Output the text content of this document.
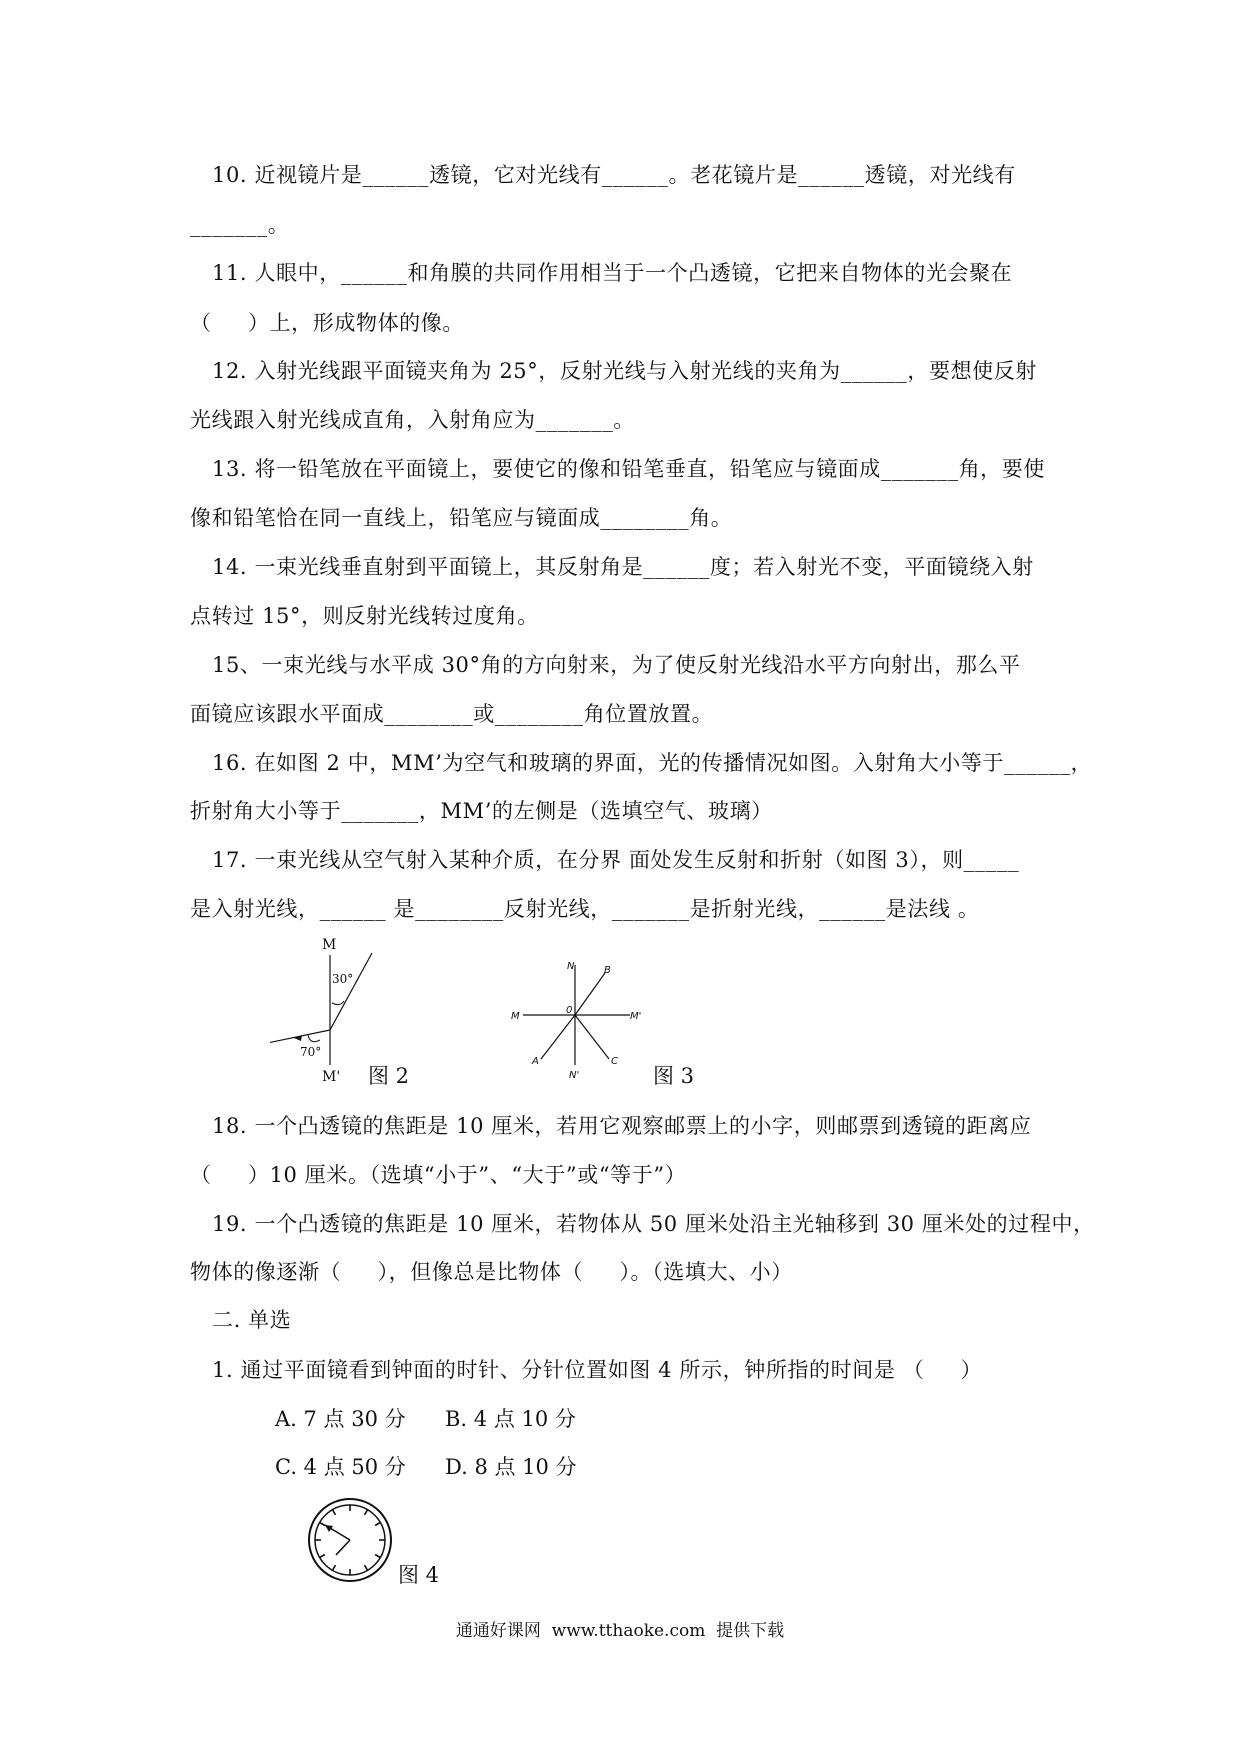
10. 近视镜片是______透镜，它对光线有______。老花镜片是______透镜，对光线有
_______。
11. 人眼中，______和角膜的共同作用相当于一个凸透镜，它把来自物体的光会聚在
（     ）上，形成物体的像。
12. 入射光线跟平面镜夹角为 25°，反射光线与入射光线的夹角为______，要想使反射
光线跟入射光线成直角，入射角应为_______。
13. 将一铅笔放在平面镜上，要使它的像和铅笔垂直，铅笔应与镜面成_______角，要使
像和铅笔恰在同一直线上，铅笔应与镜面成________角。
14. 一束光线垂直射到平面镜上，其反射角是______度；若入射光不变，平面镜绕入射
点转过 15°，则反射光线转过度角。
15、一束光线与水平成 30°角的方向射来，为了使反射光线沿水平方向射出，那么平
面镜应该跟水平面成________或________角位置放置。
16. 在如图 2 中，MM’为空气和玻璃的界面，光的传播情况如图。入射角大小等于______，
折射角大小等于_______，MM’的左侧是（选填空气、玻璃）
17. 一束光线从空气射入某种介质，在分界 面处发生反射和折射（如图 3），则_____
是入射光线，______ 是________反射光线，_______是折射光线，______是法线 。
M
30°
70°
M' 图 2
N	B
M
0
M'
A	C
N'	图 3
18. 一个凸透镜的焦距是 10 厘米，若用它观察邮票上的小字，则邮票到透镜的距离应
（     ）10 厘米。（选填“小于”、“大于”或“等于”）
19. 一个凸透镜的焦距是 10 厘米，若物体从 50 厘米处沿主光轴移到 30 厘米处的过程中，
物体的像逐渐（     ），但像总是比物体（     ）。（选填大、小）
二. 单选
1. 通过平面镜看到钟面的时针、分针位置如图 4 所示，钟所指的时间是 （     ）
A. 7 点 30 分 B. 4 点 10 分
C. 4 点 50 分 D. 8 点 10 分
图 4
通通好课网  www.tthaoke.com  提供下载
